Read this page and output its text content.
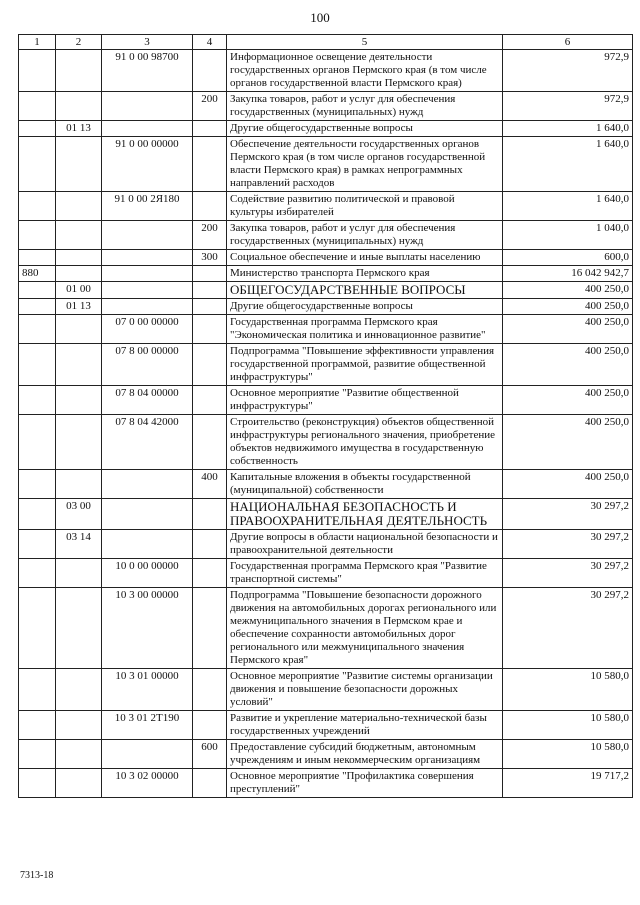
100
1	2	3	4	5	6
		91 0 00 98700		Информационное освещение деятельности государственных органов Пермского края (в том числе органов государственной власти Пермского края)	972,9
			200	Закупка товаров, работ и услуг для обеспечения государственных (муниципальных) нужд	972,9
	01 13			Другие общегосударственные вопросы	1 640,0
		91 0 00 00000		Обеспечение деятельности государственных органов Пермского края (в том числе органов государственной власти Пермского края) в рамках непрограммных направлений расходов	1 640,0
		91 0 00 2Я180		Содействие развитию политической и правовой культуры избирателей	1 640,0
			200	Закупка товаров, работ и услуг для обеспечения государственных (муниципальных) нужд	1 040,0
			300	Социальное обеспечение и иные выплаты населению	600,0
880				Министерство транспорта Пермского края	16 042 942,7
	01 00			ОБЩЕГОСУДАРСТВЕННЫЕ ВОПРОСЫ	400 250,0
	01 13			Другие общегосударственные вопросы	400 250,0
		07 0 00 00000		Государственная программа Пермского края "Экономическая политика и инновационное развитие"	400 250,0
		07 8 00 00000		Подпрограмма "Повышение эффективности управления государственной программой, развитие общественной инфраструктуры"	400 250,0
		07 8 04 00000		Основное мероприятие "Развитие общественной инфраструктуры"	400 250,0
		07 8 04 42000		Строительство (реконструкция) объектов общественной инфраструктуры регионального значения, приобретение объектов недвижимого имущества в государственную собственность	400 250,0
			400	Капитальные вложения в объекты государственной (муниципальной) собственности	400 250,0
	03 00			НАЦИОНАЛЬНАЯ БЕЗОПАСНОСТЬ И ПРАВООХРАНИТЕЛЬНАЯ ДЕЯТЕЛЬНОСТЬ	30 297,2
	03 14			Другие вопросы в области национальной безопасности и правоохранительной деятельности	30 297,2
		10 0 00 00000		Государственная программа Пермского края "Развитие транспортной системы"	30 297,2
		10 3 00 00000		Подпрограмма "Повышение безопасности дорожного движения на автомобильных дорогах регионального или межмуниципального значения в Пермском крае и обеспечение сохранности автомобильных дорог регионального или межмуниципального значения Пермского края"	30 297,2
		10 3 01 00000		Основное мероприятие "Развитие системы организации движения и повышение безопасности дорожных условий"	10 580,0
		10 3 01 2Т190		Развитие и укрепление материально-технической базы государственных учреждений	10 580,0
			600	Предоставление субсидий бюджетным, автономным учреждениям и иным некоммерческим организациям	10 580,0
		10 3 02 00000		Основное мероприятие "Профилактика совершения преступлений"	19 717,2
7313-18
